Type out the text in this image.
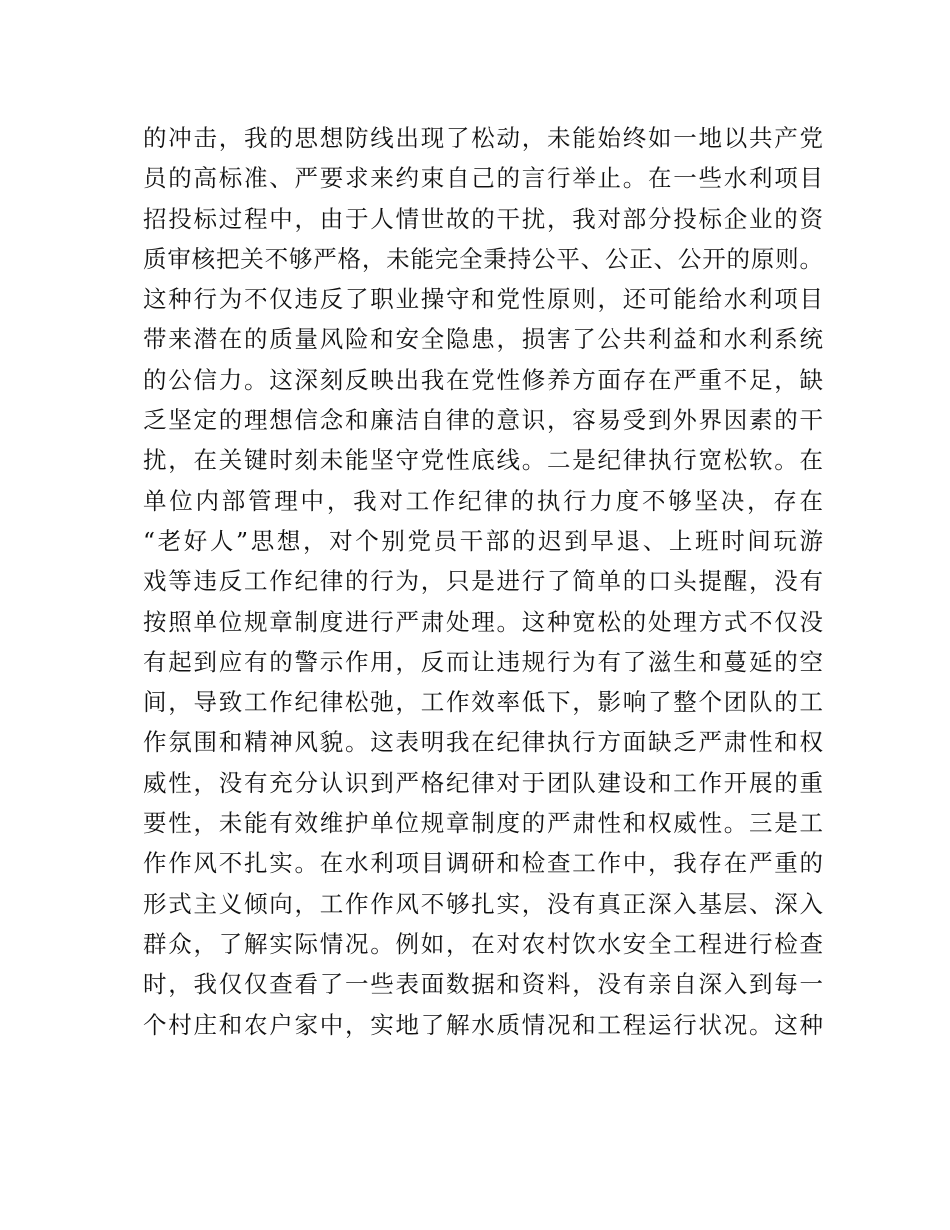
的冲击，我的思想防线出现了松动，未能始终如一地以共产党
员的高标准、严要求来约束自己的言行举止。在一些水利项目
招投标过程中，由于人情世故的干扰，我对部分投标企业的资
质审核把关不够严格，未能完全秉持公平、公正、公开的原则。
这种行为不仅违反了职业操守和党性原则，还可能给水利项目
带来潜在的质量风险和安全隐患，损害了公共利益和水利系统
的公信力。这深刻反映出我在党性修养方面存在严重不足，缺
乏坚定的理想信念和廉洁自律的意识，容易受到外界因素的干
扰，在关键时刻未能坚守党性底线。二是纪律执行宽松软。在
单位内部管理中，我对工作纪律的执行力度不够坚决，存在
“老好人”思想，对个别党员干部的迟到早退、上班时间玩游
戏等违反工作纪律的行为，只是进行了简单的口头提醒，没有
按照单位规章制度进行严肃处理。这种宽松的处理方式不仅没
有起到应有的警示作用，反而让违规行为有了滋生和蔓延的空
间，导致工作纪律松弛，工作效率低下，影响了整个团队的工
作氛围和精神风貌。这表明我在纪律执行方面缺乏严肃性和权
威性，没有充分认识到严格纪律对于团队建设和工作开展的重
要性，未能有效维护单位规章制度的严肃性和权威性。三是工
作作风不扎实。在水利项目调研和检查工作中，我存在严重的
形式主义倾向，工作作风不够扎实，没有真正深入基层、深入
群众，了解实际情况。例如，在对农村饮水安全工程进行检查
时，我仅仅查看了一些表面数据和资料，没有亲自深入到每一
个村庄和农户家中，实地了解水质情况和工程运行状况。这种
